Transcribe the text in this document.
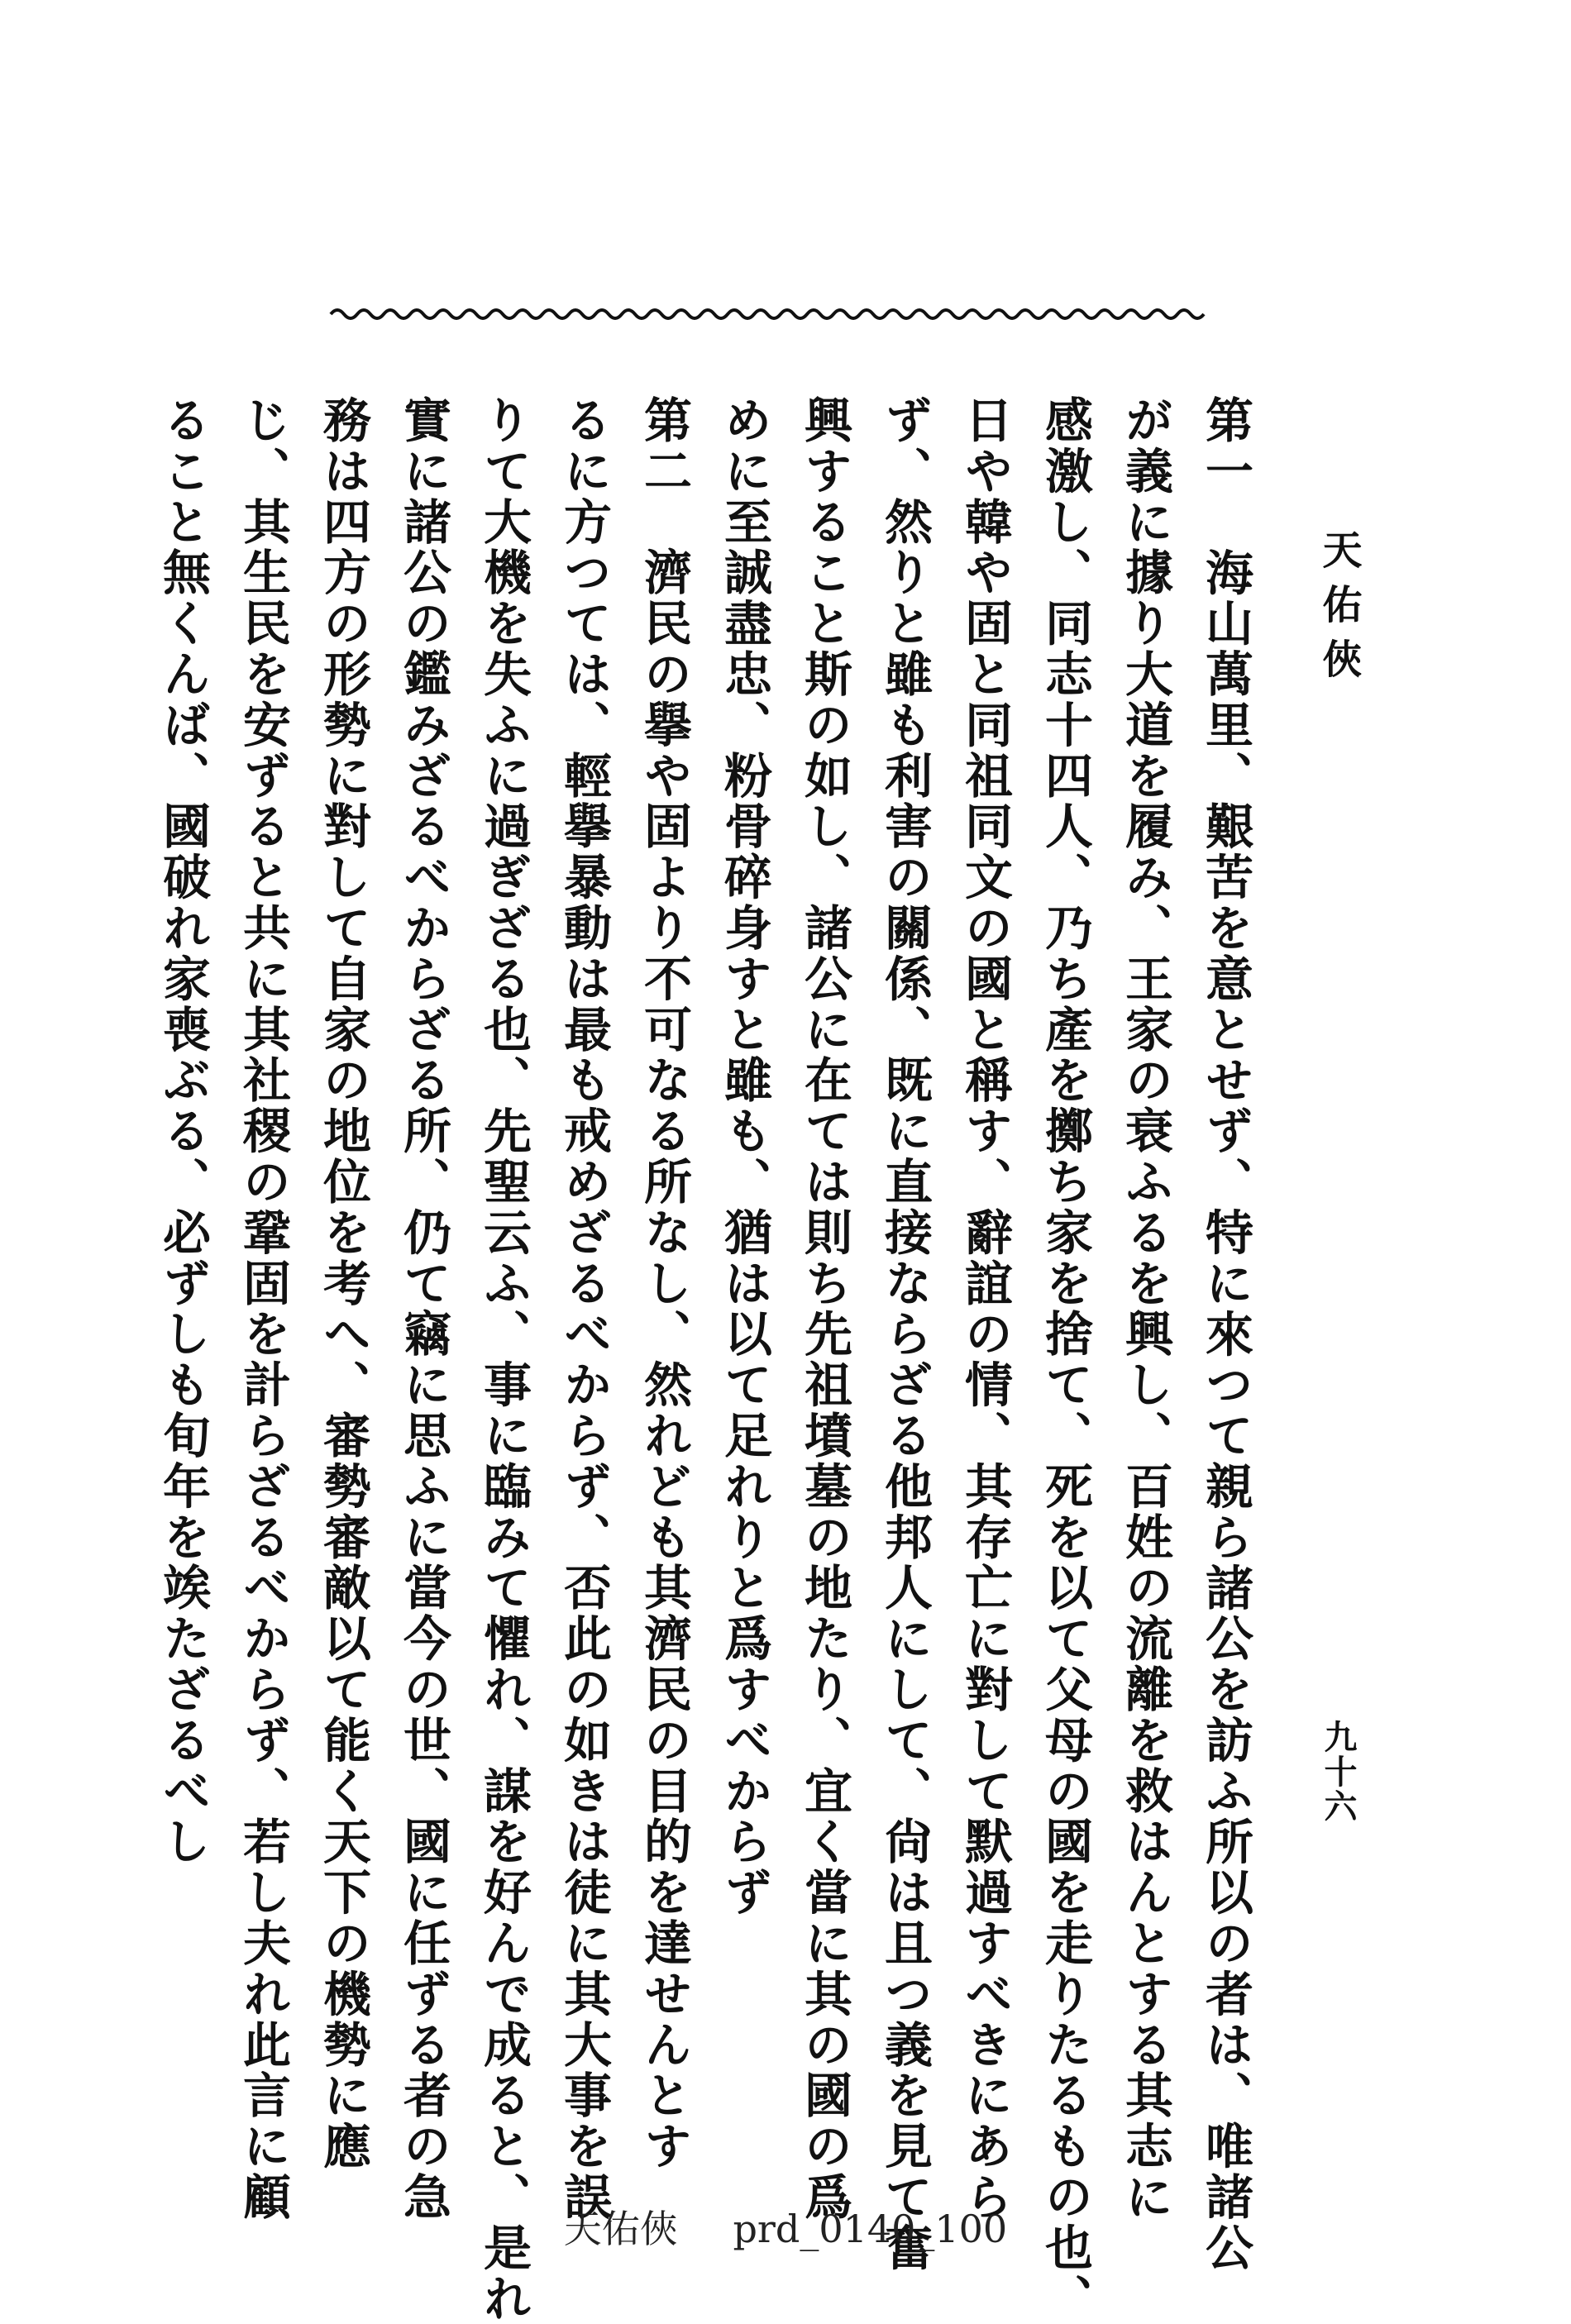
天佑俠
九十六
第一　海山萬里、艱苦を意とせず、特に來つて親ら諸公を訪ふ所以の者は、唯諸公
が義に據り大道を履み、王家の衰ふるを興し、百姓の流離を救はんとする其志に
感激し、同志十四人、乃ち產を擲ち家を捨て、死を以て父母の國を走りたるもの也、
日や韓や固と同祖同文の國と稱す、辭誼の情、其存亡に對して默過すべきにあら
ず、然りと雖も利害の關係、既に直接ならざる他邦人にして、尙は且つ義を見て奮
興すること斯の如し、諸公に在ては則ち先祖墳墓の地たり、宜く當に其の國の爲
めに至誠盡忠、粉骨碎身すと雖も、猶は以て足れりと爲すべからず
第二　濟民の擧や固より不可なる所なし、然れども其濟民の目的を達せんとす
るに方つては、輕擧暴動は最も戒めざるべからず、否此の如きは徒に其大事を誤
りて大機を失ふに過ぎざる也、先聖云ふ、事に臨みて懼れ、謀を好んで成ると、是れ
實に諸公の鑑みざるべからざる所、仍て竊に思ふに當今の世、國に任ずる者の急
務は四方の形勢に對して自家の地位を考へ、審勢審敵以て能く天下の機勢に應
じ、其生民を安ずると共に其社稷の鞏固を計らざるべからず、若し夫れ此言に顧
ること無くんば、國破れ家喪ぶる、必ずしも旬年を竢たざるべし
天佑俠 prd_0140_100
